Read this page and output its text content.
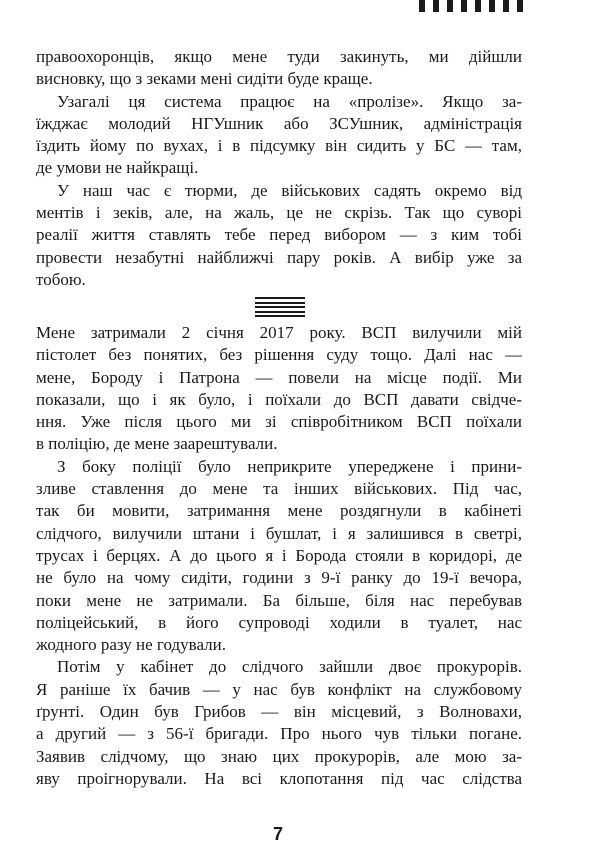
правоохоронців, якщо мене туди закинуть, ми дійшли
висновку, що з зеками мені сидіти буде краще.
Узагалі ця система працює на «пролізе». Якщо за-
їжджає молодий НГУшник або ЗСУшник, адміністрація
їздить йому по вухах, і в підсумку він сидить у БС — там,
де умови не найкращі.
У наш час є тюрми, де військових садять окремо від
ментів і зеків, але, на жаль, це не скрізь. Так що суворі
реалії життя ставлять тебе перед вибором — з ким тобі
провести незабутні найближчі пару років. А вибір уже за
тобою.
Мене затримали 2 січня 2017 року. ВСП вилучили мій
пістолет без понятих, без рішення суду тощо. Далі нас —
мене, Бороду і Патрона — повели на місце події. Ми
показали, що і як було, і поїхали до ВСП давати свідче-
ння. Уже після цього ми зі співробітником ВСП поїхали
в поліцію, де мене заарештували.
З боку поліції було неприкрите упереджене і прини-
зливе ставлення до мене та інших військових. Під час,
так би мовити, затримання мене роздягнули в кабінеті
слідчого, вилучили штани і бушлат, і я залишився в светрі,
трусах і берцях. А до цього я і Борода стояли в коридорі, де
не було на чому сидіти, години з 9-ї ранку до 19-ї вечора,
поки мене не затримали. Ба більше, біля нас перебував
поліцейський, в його супроводі ходили в туалет, нас
жодного разу не годували.
Потім у кабінет до слідчого зайшли двоє прокурорів.
Я раніше їх бачив — у нас був конфлікт на службовому
ґрунті. Один був Грибов — він місцевий, з Волновахи,
а другий — з 56-ї бригади. Про нього чув тільки погане.
Заявив слідчому, що знаю цих прокурорів, але мою за-
яву проігнорували. На всі клопотання під час слідства
7
